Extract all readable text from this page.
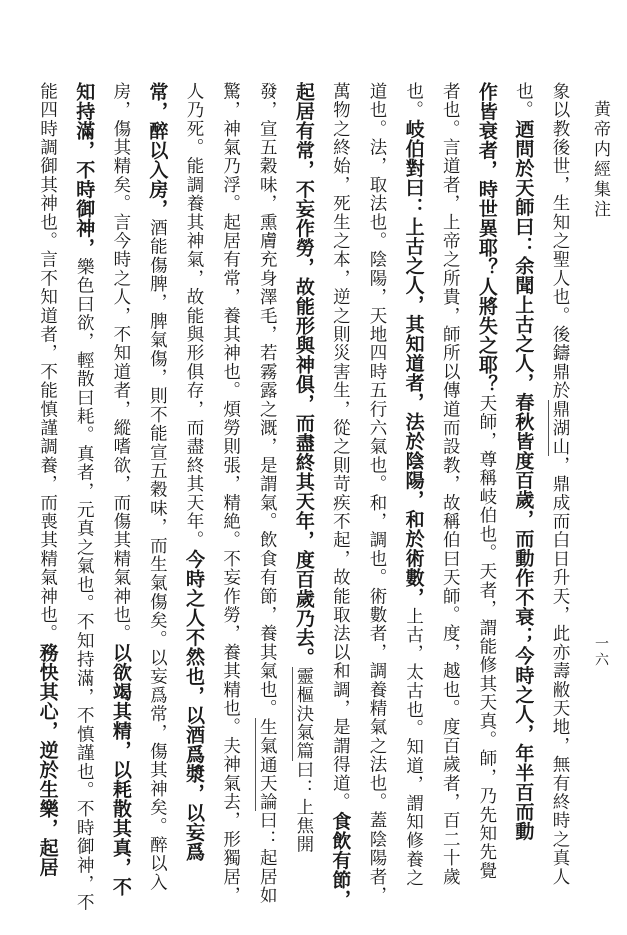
黄帝内經集注
一六
象以教後世，生知之聖人也。後鑄鼎於鼎湖山，鼎成而白日升天，此亦壽敝天地，無有終時之真人
也。迺問於天師曰：余聞上古之人，春秋皆度百歲，而動作不衰；今時之人，年半百而動
作皆衰者，時世異耶？人將失之耶？天師，尊稱岐伯也。天者，謂能修其天真。師，乃先知先覺
者也。言道者，上帝之所貴，師所以傳道而設教，故稱伯曰天師。度，越也。度百歲者，百二十歲
也。岐伯對曰：上古之人，其知道者，法於陰陽，和於術數，上古，太古也。知道，謂知修養之
道也。法，取法也。陰陽，天地四時五行六氣也。和，調也。術數者，調養精氣之法也。蓋陰陽者，
萬物之終始，死生之本，逆之則災害生，從之則苛疾不起，故能取法以和調，是謂得道。食飲有節，
起居有常，不妄作勞，故能形與神俱，而盡終其天年，度百歲乃去。靈樞決氣篇曰：上焦開
發，宣五穀味，熏膚充身澤毛，若霧露之溉，是謂氣。飲食有節，養其氣也。生氣通天論曰：起居如
驚，神氣乃浮。起居有常，養其神也。煩勞則張，精絶。不妄作勞，養其精也。夫神氣去，形獨居，
人乃死。能調養其神氣，故能與形俱存，而盡終其天年。今時之人不然也，以酒爲漿，以妄爲
常，醉以入房，酒能傷脾，脾氣傷，則不能宣五穀味，而生氣傷矣。以妄爲常，傷其神矣。醉以入
房，傷其精矣。言今時之人，不知道者，縱嗜欲，而傷其精氣神也。以欲竭其精，以耗散其真，不
知持滿，不時御神，樂色曰欲，輕散曰耗。真者，元真之氣也。不知持滿，不慎謹也。不時御神，不
能四時調御其神也。言不知道者，不能慎謹調養，而喪其精氣神也。務快其心，逆於生樂，起居
